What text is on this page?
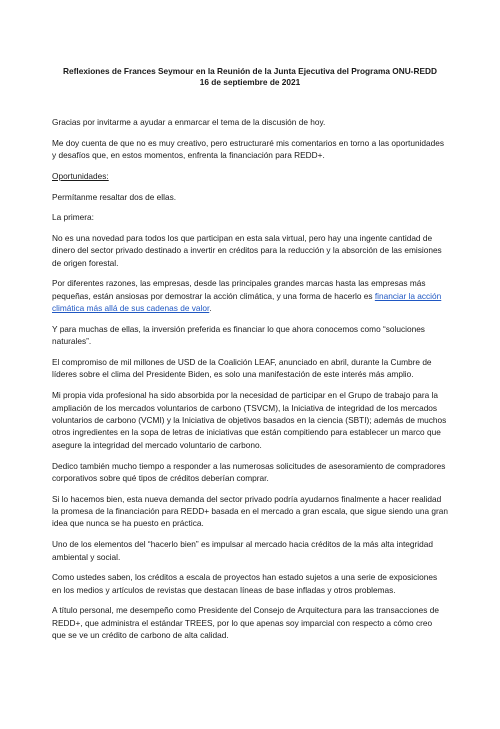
Reflexiones de Frances Seymour en la Reunión de la Junta Ejecutiva del Programa ONU-REDD
16 de septiembre de 2021

Gracias por invitarme a ayudar a enmarcar el tema de la discusión de hoy.

Me doy cuenta de que no es muy creativo, pero estructuraré mis comentarios en torno a las oportunidades y desafíos que, en estos momentos, enfrenta la financiación para REDD+.

Oportunidades:

Permítanme resaltar dos de ellas.

La primera:

No es una novedad para todos los que participan en esta sala virtual, pero hay una ingente cantidad de dinero del sector privado destinado a invertir en créditos para la reducción y la absorción de las emisiones de origen forestal.

Por diferentes razones, las empresas, desde las principales grandes marcas hasta las empresas más pequeñas, están ansiosas por demostrar la acción climática, y una forma de hacerlo es financiar la acción climática más allá de sus cadenas de valor.

Y para muchas de ellas, la inversión preferida es financiar lo que ahora conocemos como “soluciones naturales”.

El compromiso de mil millones de USD de la Coalición LEAF, anunciado en abril, durante la Cumbre de líderes sobre el clima del Presidente Biden, es solo una manifestación de este interés más amplio.

Mi propia vida profesional ha sido absorbida por la necesidad de participar en el Grupo de trabajo para la ampliación de los mercados voluntarios de carbono (TSVCM), la Iniciativa de integridad de los mercados voluntarios de carbono (VCMI) y la Iniciativa de objetivos basados en la ciencia (SBTI); además de muchos otros ingredientes en la sopa de letras de iniciativas que están compitiendo para establecer un marco que asegure la integridad del mercado voluntario de carbono.

Dedico también mucho tiempo a responder a las numerosas solicitudes de asesoramiento de compradores corporativos sobre qué tipos de créditos deberían comprar.

Si lo hacemos bien, esta nueva demanda del sector privado podría ayudarnos finalmente a hacer realidad la promesa de la financiación para REDD+ basada en el mercado a gran escala, que sigue siendo una gran idea que nunca se ha puesto en práctica.

Uno de los elementos del “hacerlo bien” es impulsar al mercado hacia créditos de la más alta integridad ambiental y social.

Como ustedes saben, los créditos a escala de proyectos han estado sujetos a una serie de exposiciones en los medios y artículos de revistas que destacan líneas de base infladas y otros problemas.

A título personal, me desempeño como Presidente del Consejo de Arquitectura para las transacciones de REDD+, que administra el estándar TREES, por lo que apenas soy imparcial con respecto a cómo creo que se ve un crédito de carbono de alta calidad.
